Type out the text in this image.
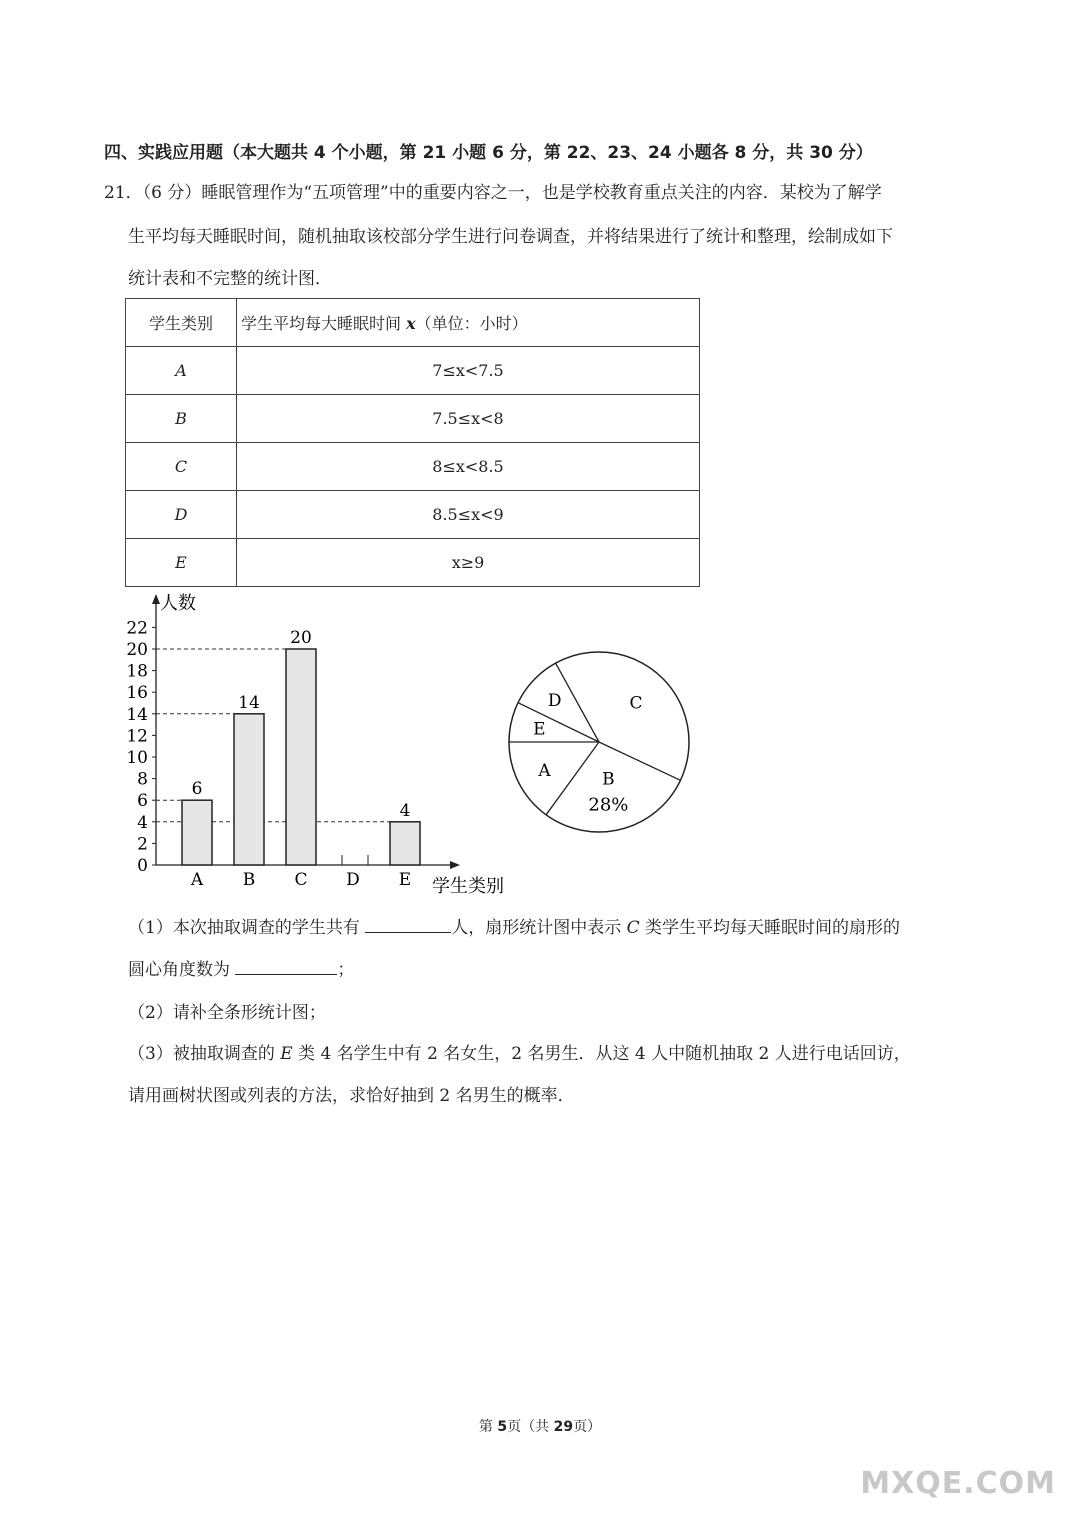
四、实践应用题（本大题共 4 个小题，第 21 小题 6 分，第 22、23、24 小题各 8 分，共 30 分）
21．（6 分）睡眠管理作为“五项管理”中的重要内容之一，也是学校教育重点关注的内容．某校为了解学
生平均每天睡眠时间，随机抽取该校部分学生进行问卷调查，并将结果进行了统计和整理，绘制成如下
统计表和不完整的统计图．
学生类别	学生平均每大睡眠时间 x（单位：小时）
A	7≤x<7.5
B	7.5≤x<8
C	8≤x<8.5
D	8.5≤x<9
E	x≥9
人数
学生类别
0
2
4
6
8
10
12
14
16
18
20
22
6
A
14
B
20
C D
4
E
A	B
28%
C
D
E
（1）本次抽取调查的学生共有	人，扇形统计图中表示 C 类学生平均每天睡眠时间的扇形的
圆心角度数为	；
（2）请补全条形统计图；
（3）被抽取调查的 E 类 4 名学生中有 2 名女生，2 名男生．从这 4 人中随机抽取 2 人进行电话回访，
请用画树状图或列表的方法，求恰好抽到 2 名男生的概率．
第 5页（共 29页）
MXQE.COM
